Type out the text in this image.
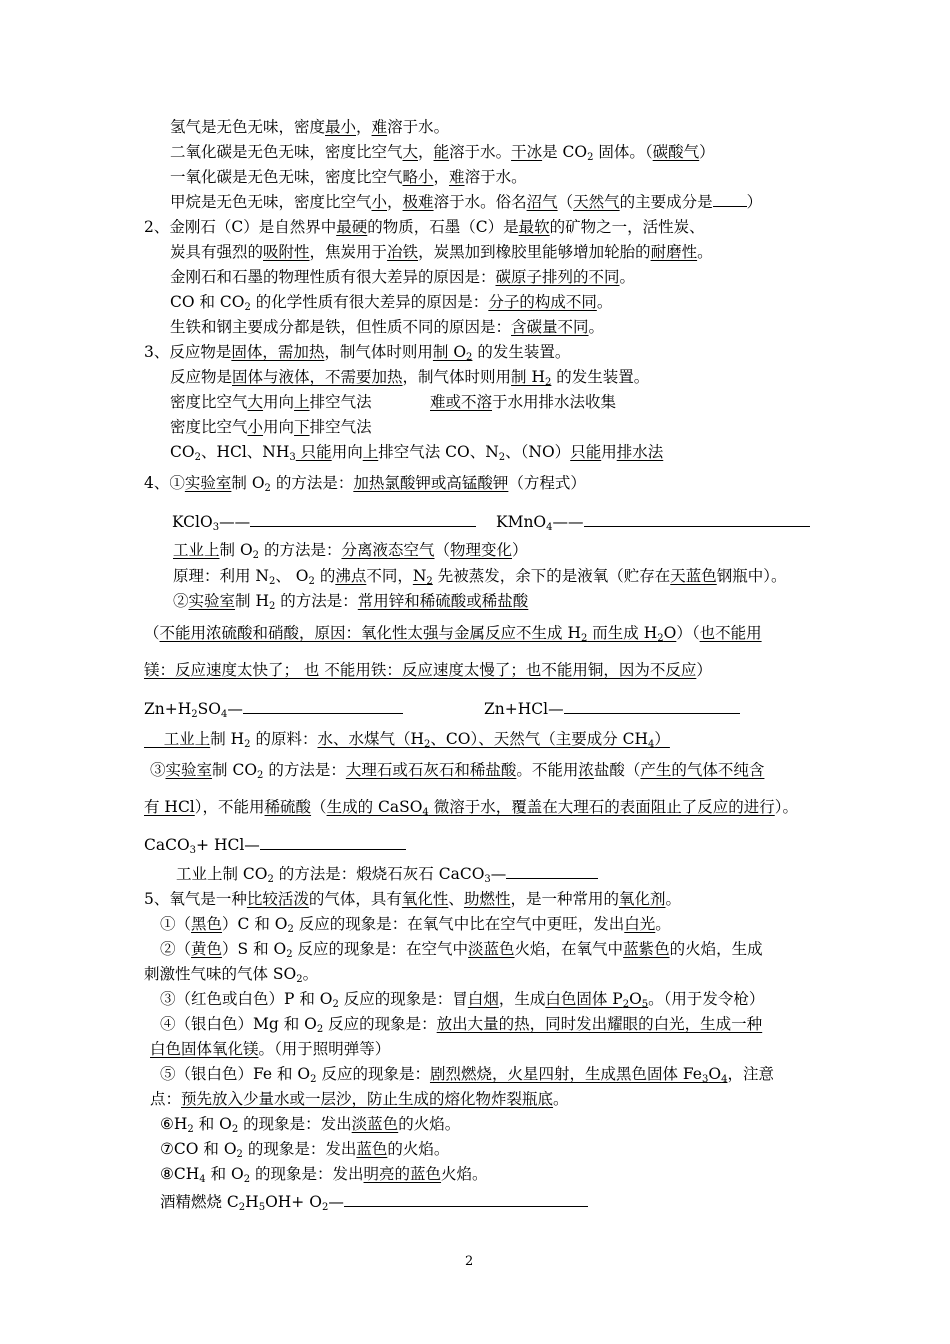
氢气是无色无味，密度最小，难溶于水。
二氧化碳是无色无味，密度比空气大，能溶于水。干冰是 $CO_2$ 固体。（碳酸气）
一氧化碳是无色无味，密度比空气略小，难溶于水。
甲烷是无色无味，密度比空气小，极难溶于水。俗名沼气（天然气的主要成分是 ）
2、金刚石（C）是自然界中最硬的物质，石墨（C）是最软的矿物之一，活性炭、
炭具有强烈的吸附性，焦炭用于冶铁，炭黑加到橡胶里能够增加轮胎的耐磨性。
金刚石和石墨的物理性质有很大差异的原因是：碳原子排列的不同。
CO 和 $CO_2$ 的化学性质有很大差异的原因是：分子的构成不同。
生铁和钢主要成分都是铁，但性质不同的原因是：含碳量不同。
3、反应物是固体，需加热，制气体时则用制 $O_2$ 的发生装置。
反应物是固体与液体，不需要加热，制气体时则用制 $H_2$ 的发生装置。
密度比空气大用向上排空气法	难或不溶于水用排水法收集
密度比空气小用向下排空气法
$CO_2$、HCl、$NH_3$ 只能用向上排空气法 CO、$N_2$、（NO）只能用排水法
4、①实验室制 $O_2$ 的方法是：加热氯酸钾或高锰酸钾（方程式）
KClO$_3$——	KMnO$_4$——
工业上制 $O_2$ 的方法是：分离液态空气（物理变化）
原理：利用 $N_2$、 $O_2$ 的沸点不同，$N_2$ 先被蒸发，余下的是液氧（贮存在天蓝色钢瓶中）。
②实验室制 $H_2$ 的方法是：常用锌和稀硫酸或稀盐酸
（不能用浓硫酸和硝酸，原因：氧化性太强与金属反应不生成 $H_2$ 而生成 $H_2O$）（也不能用
镁：反应速度太快了； 也 不能用铁：反应速度太慢了；也不能用铜，因为不反应）
$Zn+H_2SO_4—$	Zn+HCl—
工业上制 $H_2$ 的原料：水、水煤气（$H_2$、CO）、天然气（主要成分 $CH_4$）
③实验室制 $CO_2$ 的方法是：大理石或石灰石和稀盐酸。不能用浓盐酸（产生的气体不纯含
有 HCl），不能用稀硫酸（生成的 CaSO$_4$ 微溶于水，覆盖在大理石的表面阻止了反应的进行）。
CaCO$_3$+ HCl—
工业上制 $CO_2$ 的方法是：煅烧石灰石 CaCO$_3$—
5、氧气是一种比较活泼的气体，具有氧化性、助燃性，是一种常用的氧化剂。
①（黑色）C 和 $O_2$ 反应的现象是：在氧气中比在空气中更旺，发出白光。
②（黄色）S 和 $O_2$ 反应的现象是：在空气中淡蓝色火焰，在氧气中蓝紫色的火焰，生成
刺激性气味的气体 $SO_2$。
③（红色或白色）P 和 $O_2$ 反应的现象是：冒白烟，生成白色固体 $P_2O_5$。（用于发令枪）
④（银白色）Mg 和 $O_2$ 反应的现象是：放出大量的热，同时发出耀眼的白光，生成一种
白色固体氧化镁。（用于照明弹等）
⑤（银白色）Fe 和 $O_2$ 反应的现象是：剧烈燃烧，火星四射，生成黑色固体 $Fe_3O_4$，注意
点：预先放入少量水或一层沙，防止生成的熔化物炸裂瓶底。
$⑥H_2$ 和 $O_2$ 的现象是：发出淡蓝色的火焰。
⑦CO 和 $O_2$ 的现象是：发出蓝色的火焰。
$⑧CH_4$ 和 $O_2$ 的现象是：发出明亮的蓝色火焰。
酒精燃烧 $C_2H_5OH+$ $O_2—$
2
